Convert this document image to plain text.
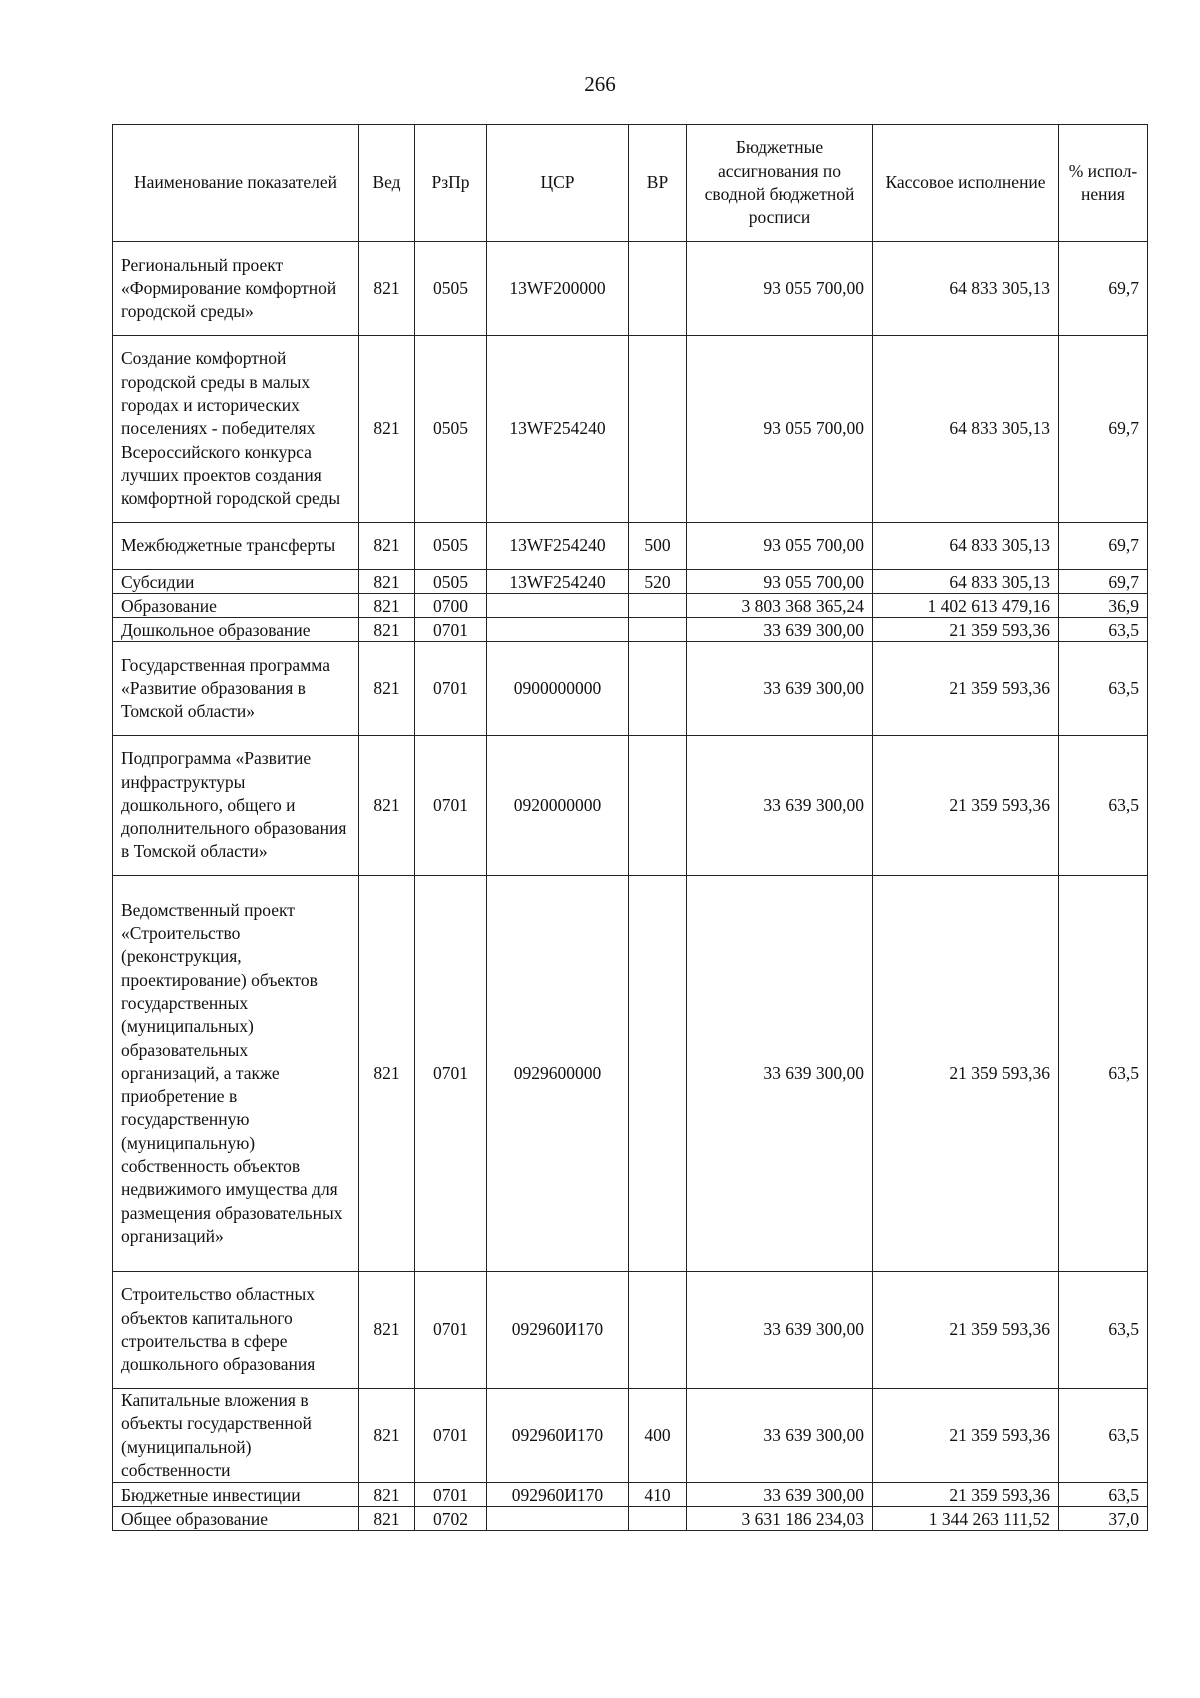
266
Наименование показателей	Вед	РзПр	ЦСР	ВР	Бюджетные ассигнования по сводной бюджетной росписи	Кассовое исполнение	% испол-нения
Региональный проект «Формирование комфортной городской среды»	821	0505	13WF200000		93 055 700,00	64 833 305,13	69,7
Создание комфортной городской среды в малых городах и исторических поселениях - победителях Всероссийского конкурса лучших проектов создания комфортной городской среды	821	0505	13WF254240		93 055 700,00	64 833 305,13	69,7
Межбюджетные трансферты	821	0505	13WF254240	500	93 055 700,00	64 833 305,13	69,7
Субсидии	821	0505	13WF254240	520	93 055 700,00	64 833 305,13	69,7
Образование	821	0700			3 803 368 365,24	1 402 613 479,16	36,9
Дошкольное образование	821	0701			33 639 300,00	21 359 593,36	63,5
Государственная программа «Развитие образования в Томской области»	821	0701	0900000000		33 639 300,00	21 359 593,36	63,5
Подпрограмма «Развитие инфраструктуры дошкольного, общего и дополнительного образования в Томской области»	821	0701	0920000000		33 639 300,00	21 359 593,36	63,5
Ведомственный проект «Строительство (реконструкция, проектирование) объектов государственных (муниципальных) образовательных организаций, а также приобретение в государственную (муниципальную) собственность объектов недвижимого имущества для размещения образовательных организаций»	821	0701	0929600000		33 639 300,00	21 359 593,36	63,5
Строительство областных объектов капитального строительства в сфере дошкольного образования	821	0701	092960И170		33 639 300,00	21 359 593,36	63,5
Капитальные вложения в объекты государственной (муниципальной) собственности	821	0701	092960И170	400	33 639 300,00	21 359 593,36	63,5
Бюджетные инвестиции	821	0701	092960И170	410	33 639 300,00	21 359 593,36	63,5
Общее образование	821	0702			3 631 186 234,03	1 344 263 111,52	37,0
